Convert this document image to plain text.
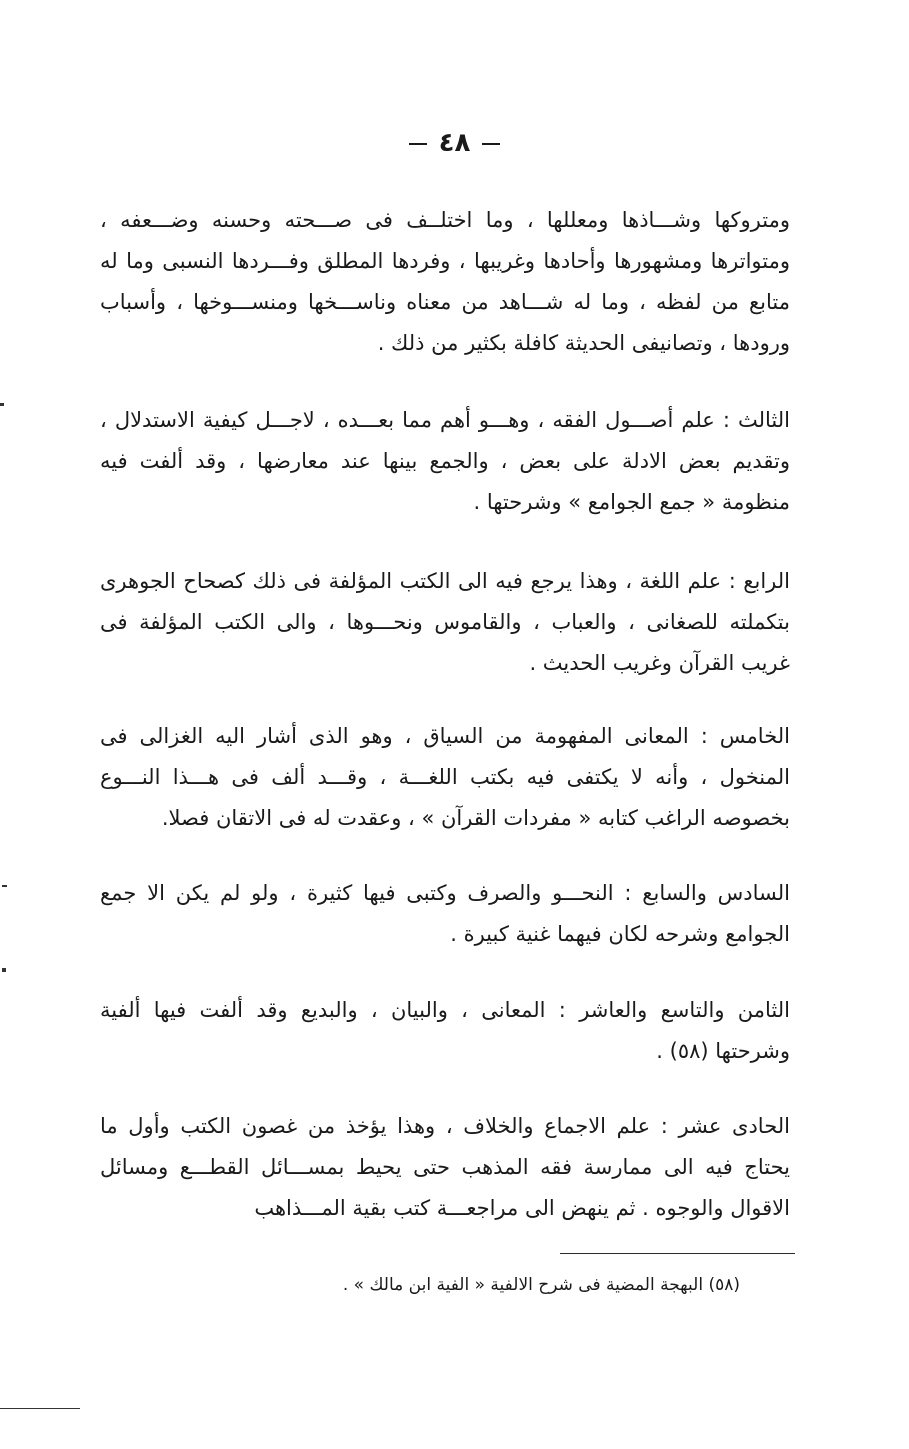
٤٨

ومتروكها وشـــاذها ومعللها ، وما اختلــف فى صـــحته وحسنه وضـــعفه ، ومتواترها ومشهورها وأحادها وغريبها ، وفردها المطلق وفـــردها النسبى وما له متابع من لفظه ، وما له شـــاهد من معناه وناســـخها ومنســـوخها ، وأسباب ورودها ، وتصانيفى الحديثة كافلة بكثير من ذلك .

الثالث : علم أصـــول الفقه ، وهـــو أهم مما بعـــده ، لاجـــل كيفية الاستدلال ، وتقديم بعض الادلة على بعض ، والجمع بينها عند معارضها ، وقد ألفت فيه منظومة « جمع الجوامع » وشرحتها .

الرابع : علم اللغة ، وهذا يرجع فيه الى الكتب المؤلفة فى ذلك كصحاح الجوهرى بتكملته للصغانى ، والعباب ، والقاموس ونحـــوها ، والى الكتب المؤلفة فى غريب القرآن وغريب الحديث .

الخامس : المعانى المفهومة من السياق ، وهو الذى أشار اليه الغزالى فى المنخول ، وأنه لا يكتفى فيه بكتب اللغـــة ، وقـــد ألف فى هـــذا النـــوع بخصوصه الراغب كتابه « مفردات القرآن » ، وعقدت له فى الاتقان فصلا.

السادس والسابع : النحـــو والصرف وكتبى فيها كثيرة ، ولو لم يكن الا جمع الجوامع وشرحه لكان فيهما غنية كبيرة .

الثامن والتاسع والعاشر : المعانى ، والبيان ، والبديع وقد ألفت فيها ألفية وشرحتها (٥٨) .

الحادى عشر : علم الاجماع والخلاف ، وهذا يؤخذ من غصون الكتب وأول ما يحتاج فيه الى ممارسة فقه المذهب حتى يحيط بمســـائل القطـــع ومسائل الاقوال والوجوه . ثم ينهض الى مراجعـــة كتب بقية المـــذاهب

(٥٨) البهجة المضية فى شرح الالفية « الفية ابن مالك » .
